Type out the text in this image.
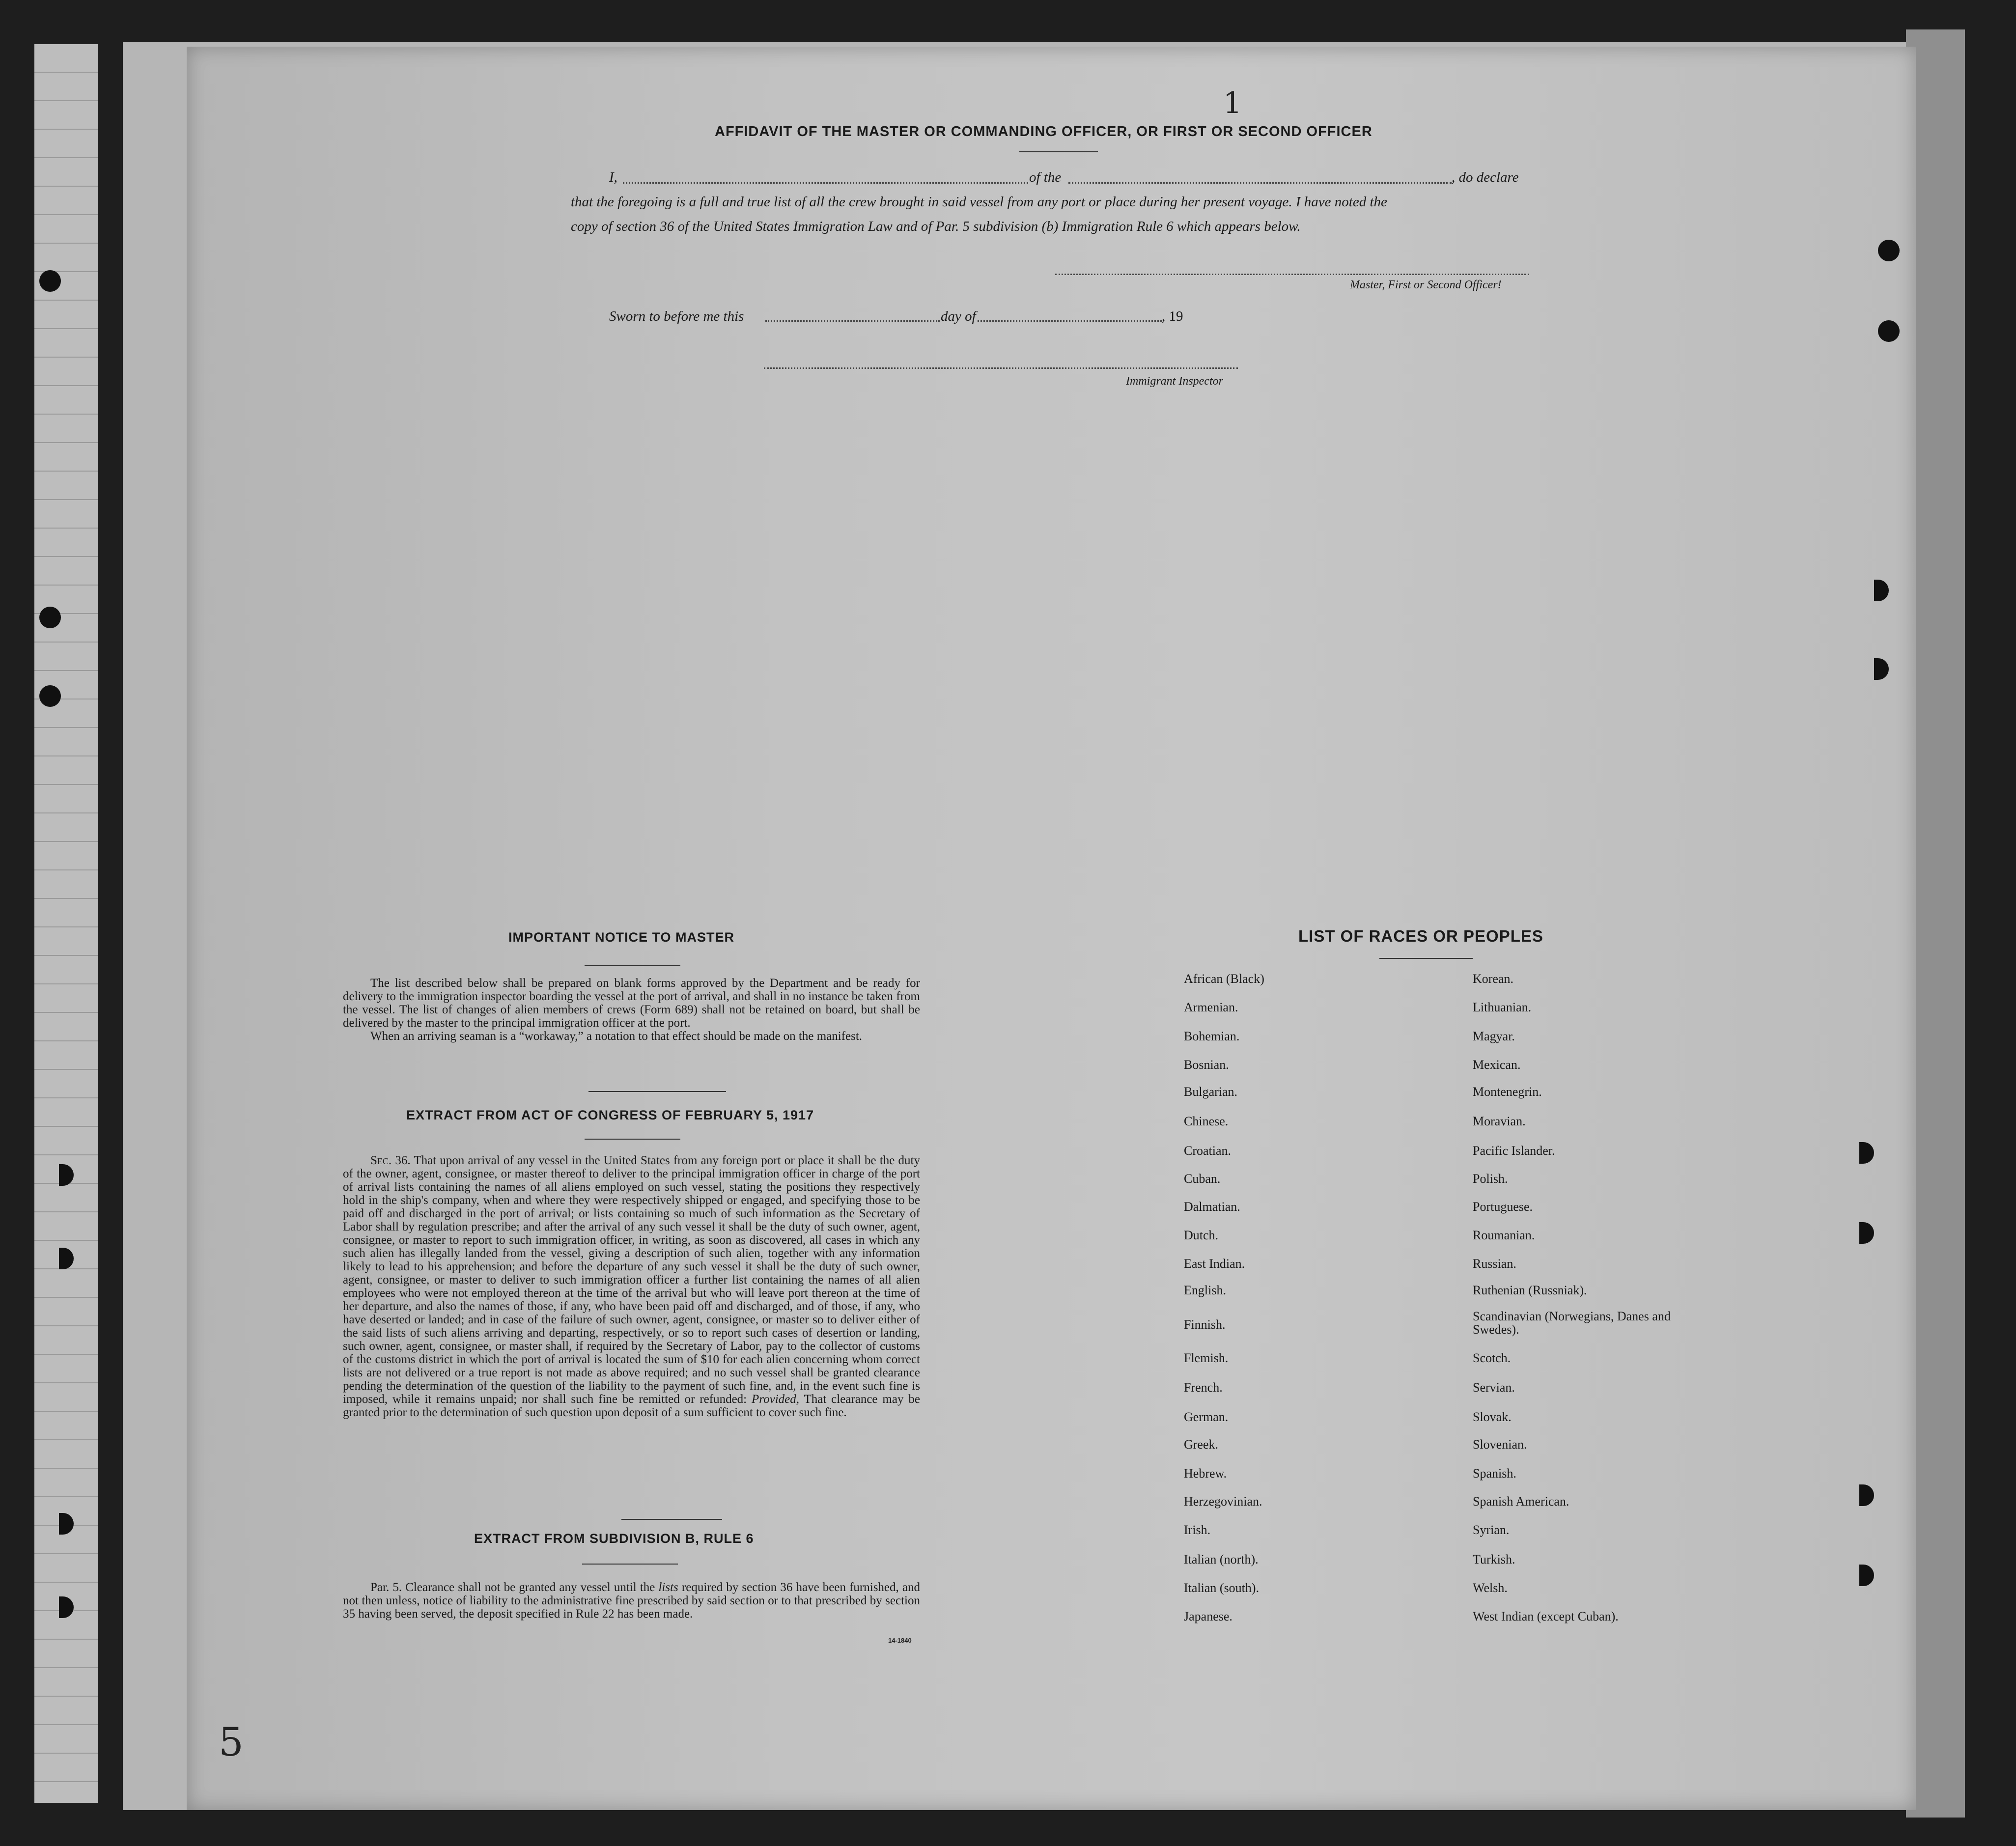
1
5
AFFIDAVIT OF THE MASTER OR COMMANDING OFFICER, OR FIRST OR SECOND OFFICER
I,	of the	, do declare
that the foregoing is a full and true list of all the crew brought in said vessel from any port or place during her present voyage. I have noted the
copy of section 36 of the United States Immigration Law and of Par. 5 subdivision (b) Immigration Rule 6 which appears below.
Master, First or Second Officer!
Sworn to before me this	day of	, 19
Immigrant Inspector
IMPORTANT NOTICE TO MASTER

The list described below shall be prepared on blank forms approved by the Department and be ready for delivery to the immigration inspector boarding the vessel at the port of arrival, and shall in no instance be taken from the vessel. The list of changes of alien members of crews (Form 689) shall not be retained on board, but shall be delivered by the master to the principal immigration officer at the port.

When an arriving seaman is a “workaway,” a notation to that effect should be made on the manifest.

EXTRACT FROM ACT OF CONGRESS OF FEBRUARY 5, 1917

Sec. 36. That upon arrival of any vessel in the United States from any foreign port or place it shall be the duty of the owner, agent, consignee, or master thereof to deliver to the principal immigration officer in charge of the port of arrival lists containing the names of all aliens employed on such vessel, stating the positions they respectively hold in the ship's company, when and where they were respectively shipped or engaged, and specifying those to be paid off and discharged in the port of arrival; or lists containing so much of such information as the Secretary of Labor shall by regulation prescribe; and after the arrival of any such vessel it shall be the duty of such owner, agent, consignee, or master to report to such immigration officer, in writing, as soon as discovered, all cases in which any such alien has illegally landed from the vessel, giving a description of such alien, together with any information likely to lead to his apprehension; and before the departure of any such vessel it shall be the duty of such owner, agent, consignee, or master to deliver to such immigration officer a further list containing the names of all alien employees who were not employed thereon at the time of the arrival but who will leave port thereon at the time of her departure, and also the names of those, if any, who have been paid off and discharged, and of those, if any, who have deserted or landed; and in case of the failure of such owner, agent, consignee, or master so to deliver either of the said lists of such aliens arriving and departing, respectively, or so to report such cases of desertion or landing, such owner, agent, consignee, or master shall, if required by the Secretary of Labor, pay to the collector of customs of the customs district in which the port of arrival is located the sum of $10 for each alien concerning whom correct lists are not delivered or a true report is not made as above required; and no such vessel shall be granted clearance pending the determination of the question of the liability to the payment of such fine, and, in the event such fine is imposed, while it remains unpaid; nor shall such fine be remitted or refunded: Provided, That clearance may be granted prior to the determination of such question upon deposit of a sum sufficient to cover such fine.

EXTRACT FROM SUBDIVISION B, RULE 6

Par. 5. Clearance shall not be granted any vessel until the lists required by section 36 have been furnished, and not then unless, notice of liability to the administrative fine prescribed by said section or to that prescribed by section 35 having been served, the deposit specified in Rule 22 has been made.

14-1840
LIST OF RACES OR PEOPLES
African (Black)
Armenian.
Bohemian.
Bosnian.
Bulgarian.
Chinese.
Croatian.
Cuban.
Dalmatian.
Dutch.
East Indian.
English.
Finnish.
Flemish.
French.
German.
Greek.
Hebrew.
Herzegovinian.
Irish.
Italian (north).
Italian (south).
Japanese.
Korean.
Lithuanian.
Magyar.
Mexican.
Montenegrin.
Moravian.
Pacific Islander.
Polish.
Portuguese.
Roumanian.
Russian.
Ruthenian (Russniak).
Scandinavian (Norwegians, Danes and Swedes).
Scotch.
Servian.
Slovak.
Slovenian.
Spanish.
Spanish American.
Syrian.
Turkish.
Welsh.
West Indian (except Cuban).
